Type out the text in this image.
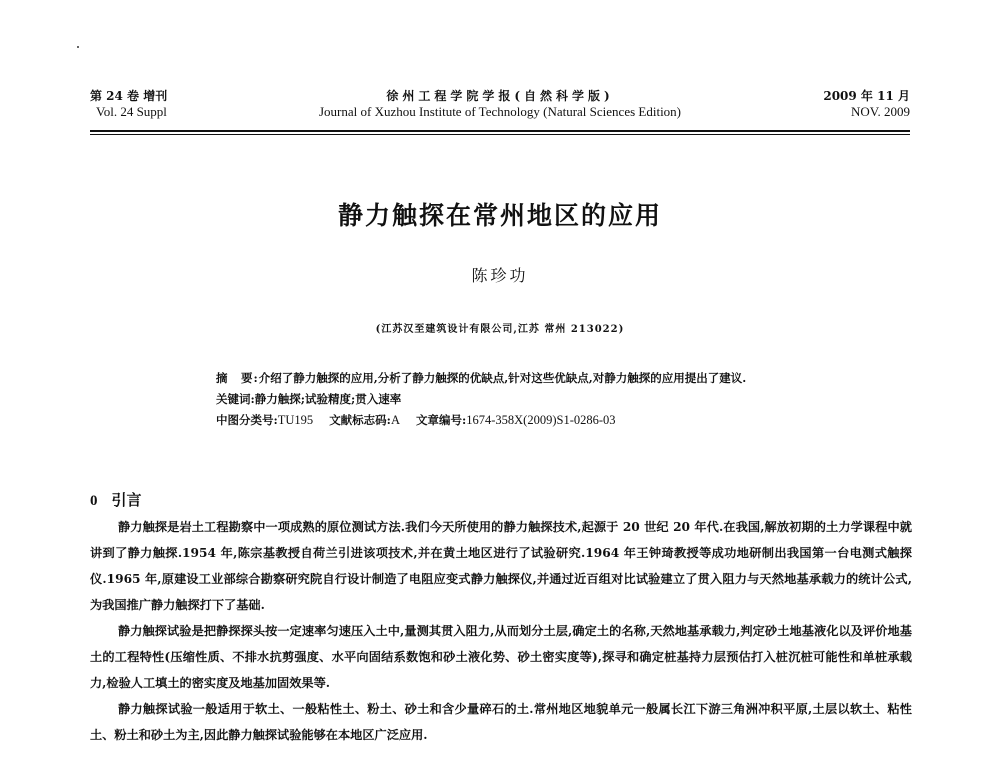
第 24 卷 增刊
Vol. 24 Suppl
徐州工程学院学报(自然科学版)
Journal of Xuzhou Institute of Technology (Natural Sciences Edition)
2009 年 11 月
NOV. 2009
静力触探在常州地区的应用
陈珍功
(江苏汉至建筑设计有限公司,江苏 常州 213022)
摘　要:介绍了静力触探的应用,分析了静力触探的优缺点,针对这些优缺点,对静力触探的应用提出了建议.
关键词:静力触探;试验精度;贯入速率
中图分类号:TU195 文献标志码:A 文章编号:1674-358X(2009)S1-0286-03
0 引言

静力触探是岩土工程勘察中一项成熟的原位测试方法.我们今天所使用的静力触探技术,起源于 20 世纪 20 年代.在我国,解放初期的土力学课程中就讲到了静力触探.1954 年,陈宗基教授自荷兰引进该项技术,并在黄土地区进行了试验研究.1964 年王钟琦教授等成功地研制出我国第一台电测式触探仪.1965 年,原建设工业部综合勘察研究院自行设计制造了电阻应变式静力触探仪,并通过近百组对比试验建立了贯入阻力与天然地基承载力的统计公式,为我国推广静力触探打下了基础.

静力触探试验是把静探探头按一定速率匀速压入土中,量测其贯入阻力,从而划分土层,确定土的名称,天然地基承载力,判定砂土地基液化以及评价地基土的工程特性(压缩性质、不排水抗剪强度、水平向固结系数饱和砂土液化势、砂土密实度等),探寻和确定桩基持力层预估打入桩沉桩可能性和单桩承载力,检验人工填土的密实度及地基加固效果等.

静力触探试验一般适用于软土、一般粘性土、粉土、砂土和含少量碎石的土.常州地区地貌单元一般属长江下游三角洲冲积平原,土层以软土、粘性土、粉土和砂土为主,因此静力触探试验能够在本地区广泛应用.
